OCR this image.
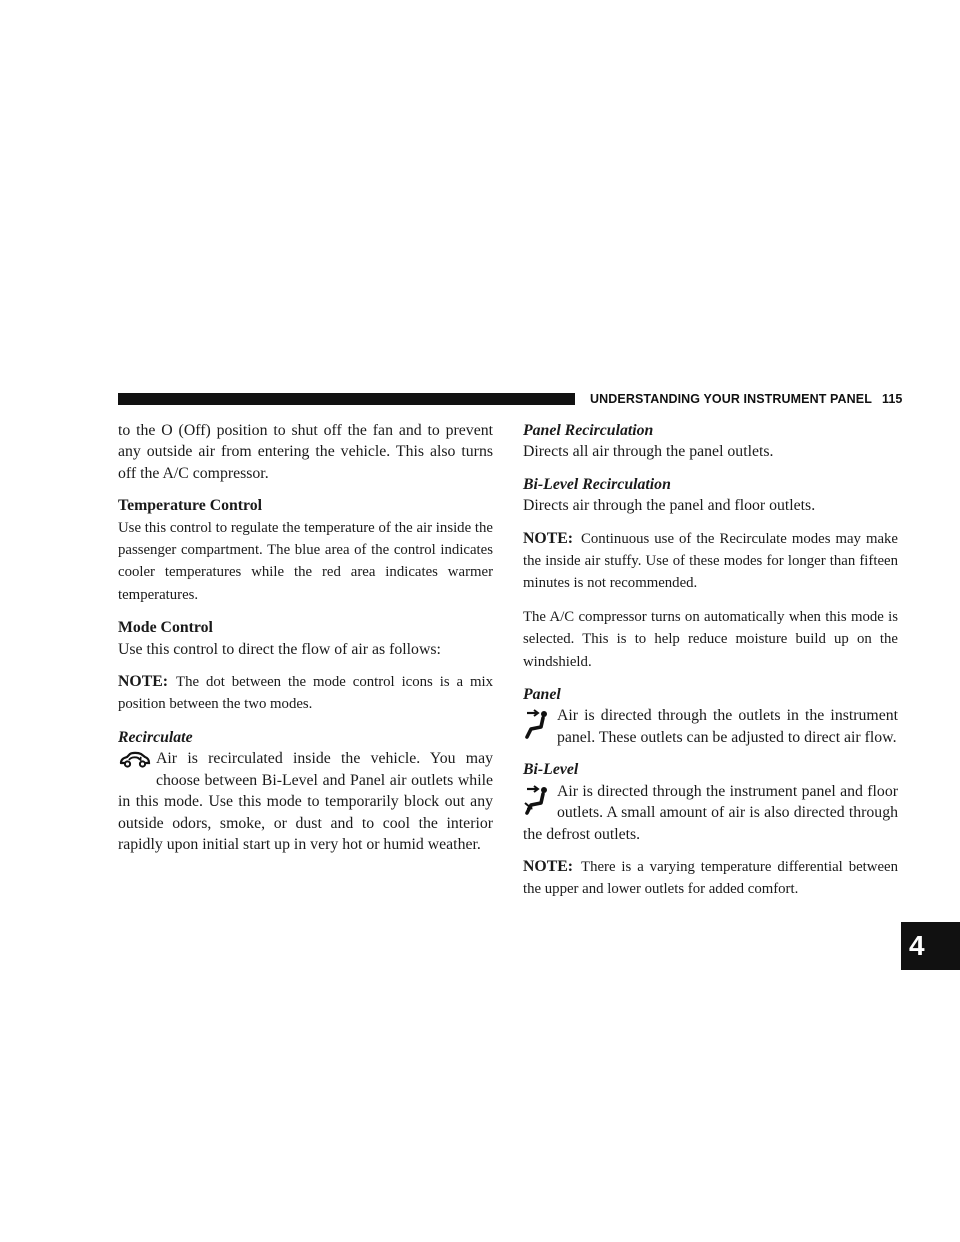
UNDERSTANDING YOUR INSTRUMENT PANEL 115
4

to the O (Off) position to shut off the fan and to prevent any outside air from entering the vehicle. This also turns off the A/C compressor.

Temperature Control

Use this control to regulate the temperature of the air inside the passenger compartment. The blue area of the control indicates cooler temperatures while the red area indicates warmer temperatures.

Mode Control

Use this control to direct the flow of air as follows:

NOTE: The dot between the mode control icons is a mix position between the two modes.

Recirculate
Air is recirculated inside the vehicle. You may choose between Bi-Level and Panel air outlets while in this mode. Use this mode to temporarily block out any outside odors, smoke, or dust and to cool the interior rapidly upon initial start up in very hot or humid weather.
Panel Recirculation

Directs all air through the panel outlets.

Bi-Level Recirculation

Directs air through the panel and floor outlets.

NOTE: Continuous use of the Recirculate modes may make the inside air stuffy. Use of these modes for longer than fifteen minutes is not recommended.

The A/C compressor turns on automatically when this mode is selected. This is to help reduce moisture build up on the windshield.

Panel
Air is directed through the outlets in the instrument panel. These outlets can be adjusted to direct air flow.
Bi-Level
Air is directed through the instrument panel and floor outlets. A small amount of air is also directed through the defrost outlets.

NOTE: There is a varying temperature differential between the upper and lower outlets for added comfort.
